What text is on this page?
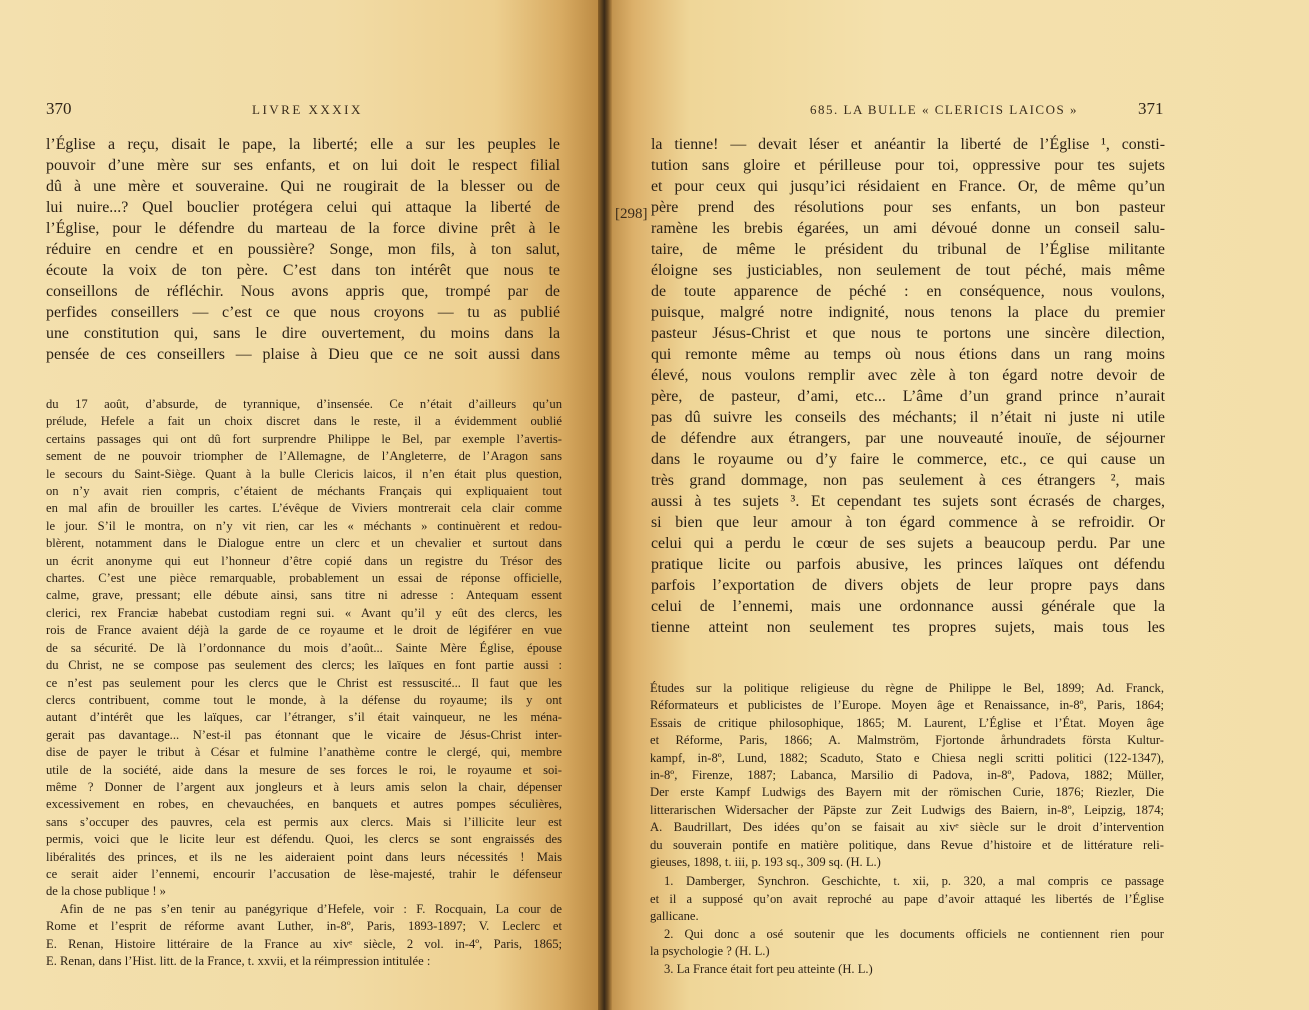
370	LIVRE XXXIX

l’Église a reçu, disait le pape, la liberté; elle a sur les peuples le

pouvoir d’une mère sur ses enfants, et on lui doit le respect filial

dû à une mère et souveraine. Qui ne rougirait de la blesser ou de

lui nuire...? Quel bouclier protégera celui qui attaque la liberté de

l’Église, pour le défendre du marteau de la force divine prêt à le

réduire en cendre et en poussière? Songe, mon fils, à ton salut,

écoute la voix de ton père. C’est dans ton intérêt que nous te

conseillons de réfléchir. Nous avons appris que, trompé par de

perfides conseillers — c’est ce que nous croyons — tu as publié

une constitution qui, sans le dire ouvertement, du moins dans la

pensée de ces conseillers — plaise à Dieu que ce ne soit aussi dans

du 17 août, d’absurde, de tyrannique, d’insensée. Ce n’était d’ailleurs qu’un

prélude, Hefele a fait un choix discret dans le reste, il a évidemment oublié

certains passages qui ont dû fort surprendre Philippe le Bel, par exemple l’avertis-

sement de ne pouvoir triompher de l’Allemagne, de l’Angleterre, de l’Aragon sans

le secours du Saint-Siège. Quant à la bulle Clericis laicos, il n’en était plus question,

on n’y avait rien compris, c’étaient de méchants Français qui expliquaient tout

en mal afin de brouiller les cartes. L’évêque de Viviers montrerait cela clair comme

le jour. S’il le montra, on n’y vit rien, car les « méchants » continuèrent et redou-

blèrent, notamment dans le Dialogue entre un clerc et un chevalier et surtout dans

un écrit anonyme qui eut l’honneur d’être copié dans un registre du Trésor des

chartes. C’est une pièce remarquable, probablement un essai de réponse officielle,

calme, grave, pressant; elle débute ainsi, sans titre ni adresse : Antequam essent

clerici, rex Franciæ habebat custodiam regni sui. « Avant qu’il y eût des clercs, les

rois de France avaient déjà la garde de ce royaume et le droit de légiférer en vue

de sa sécurité. De là l’ordonnance du mois d’août... Sainte Mère Église, épouse

du Christ, ne se compose pas seulement des clercs; les laïques en font partie aussi :

ce n’est pas seulement pour les clercs que le Christ est ressuscité... Il faut que les

clercs contribuent, comme tout le monde, à la défense du royaume; ils y ont

autant d’intérêt que les laïques, car l’étranger, s’il était vainqueur, ne les ména-

gerait pas davantage... N’est-il pas étonnant que le vicaire de Jésus-Christ inter-

dise de payer le tribut à César et fulmine l’anathème contre le clergé, qui, membre

utile de la société, aide dans la mesure de ses forces le roi, le royaume et soi-

même ? Donner de l’argent aux jongleurs et à leurs amis selon la chair, dépenser

excessivement en robes, en chevauchées, en banquets et autres pompes séculières,

sans s’occuper des pauvres, cela est permis aux clercs. Mais si l’illicite leur est

permis, voici que le licite leur est défendu. Quoi, les clercs se sont engraissés des

libéralités des princes, et ils ne les aideraient point dans leurs nécessités ! Mais

ce serait aider l’ennemi, encourir l’accusation de lèse-majesté, trahir le défenseur

de la chose publique ! »

Afin de ne pas s’en tenir au panégyrique d’Hefele, voir : F. Rocquain, La cour de

Rome et l’esprit de réforme avant Luther, in-8º, Paris, 1893-1897; V. Leclerc et

E. Renan, Histoire littéraire de la France au xivᵉ siècle, 2 vol. in-4º, Paris, 1865;

E. Renan, dans l’Hist. litt. de la France, t. xxvii, et la réimpression intitulée :

685. LA BULLE « CLERICIS LAICOS »	371
[298]

la tienne! — devait léser et anéantir la liberté de l’Église ¹, consti-

tution sans gloire et périlleuse pour toi, oppressive pour tes sujets

et pour ceux qui jusqu’ici résidaient en France. Or, de même qu’un

père prend des résolutions pour ses enfants, un bon pasteur

ramène les brebis égarées, un ami dévoué donne un conseil salu-

taire, de même le président du tribunal de l’Église militante

éloigne ses justiciables, non seulement de tout péché, mais même

de toute apparence de péché : en conséquence, nous voulons,

puisque, malgré notre indignité, nous tenons la place du premier

pasteur Jésus-Christ et que nous te portons une sincère dilection,

qui remonte même au temps où nous étions dans un rang moins

élevé, nous voulons remplir avec zèle à ton égard notre devoir de

père, de pasteur, d’ami, etc... L’âme d’un grand prince n’aurait

pas dû suivre les conseils des méchants; il n’était ni juste ni utile

de défendre aux étrangers, par une nouveauté inouïe, de séjourner

dans le royaume ou d’y faire le commerce, etc., ce qui cause un

très grand dommage, non pas seulement à ces étrangers ², mais

aussi à tes sujets ³. Et cependant tes sujets sont écrasés de charges,

si bien que leur amour à ton égard commence à se refroidir. Or

celui qui a perdu le cœur de ses sujets a beaucoup perdu. Par une

pratique licite ou parfois abusive, les princes laïques ont défendu

parfois l’exportation de divers objets de leur propre pays dans

celui de l’ennemi, mais une ordonnance aussi générale que la

tienne atteint non seulement tes propres sujets, mais tous les

Études sur la politique religieuse du règne de Philippe le Bel, 1899; Ad. Franck,

Réformateurs et publicistes de l’Europe. Moyen âge et Renaissance, in-8º, Paris, 1864;

Essais de critique philosophique, 1865; M. Laurent, L’Église et l’État. Moyen âge

et Réforme, Paris, 1866; A. Malmström, Fjortonde århundradets första Kultur-

kampf, in-8º, Lund, 1882; Scaduto, Stato e Chiesa negli scritti politici (122-1347),

in-8º, Firenze, 1887; Labanca, Marsilio di Padova, in-8º, Padova, 1882; Müller,

Der erste Kampf Ludwigs des Bayern mit der römischen Curie, 1876; Riezler, Die

litterarischen Widersacher der Päpste zur Zeit Ludwigs des Baiern, in-8º, Leipzig, 1874;

A. Baudrillart, Des idées qu’on se faisait au xivᵉ siècle sur le droit d’intervention

du souverain pontife en matière politique, dans Revue d’histoire et de littérature reli-

gieuses, 1898, t. iii, p. 193 sq., 309 sq. (H. L.)

1. Damberger, Synchron. Geschichte, t. xii, p. 320, a mal compris ce passage

et il a supposé qu’on avait reproché au pape d’avoir attaqué les libertés de l’Église

gallicane.

2. Qui donc a osé soutenir que les documents officiels ne contiennent rien pour

la psychologie ? (H. L.)

3. La France était fort peu atteinte (H. L.)
